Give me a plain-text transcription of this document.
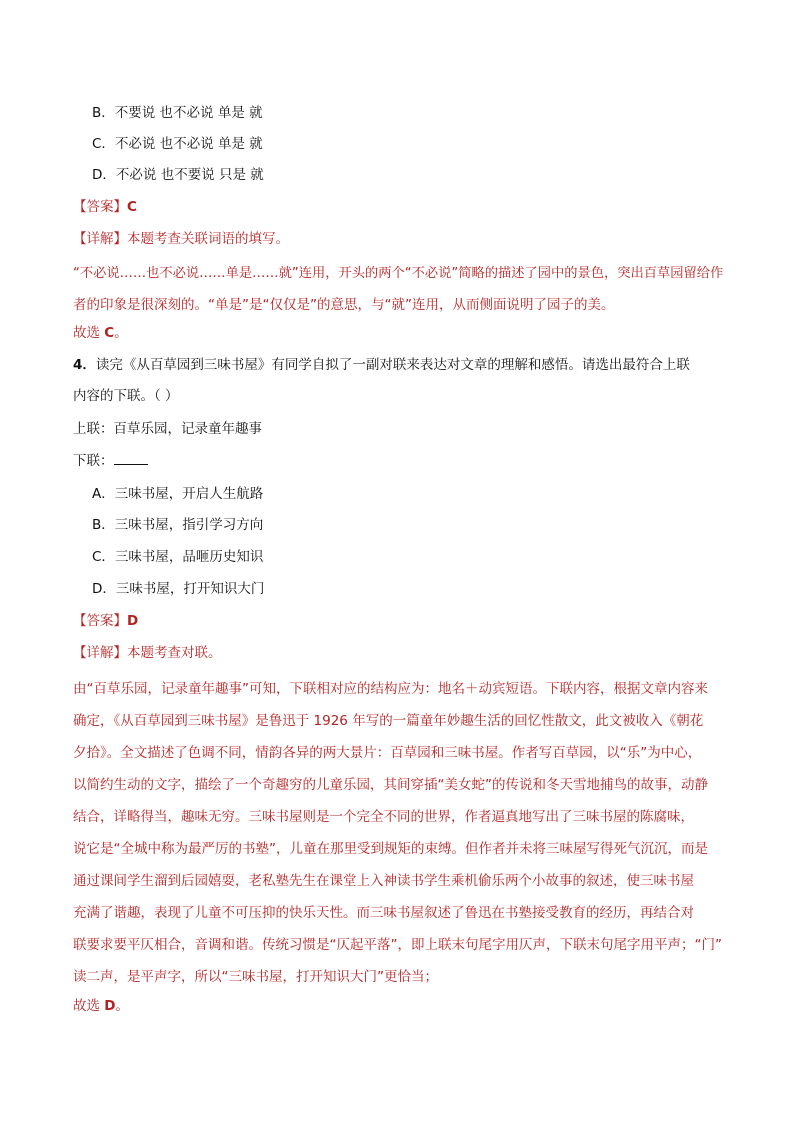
B．不要说 也不必说 单是 就
C．不必说 也不必说 单是 就
D．不必说 也不要说 只是 就
【答案】C
【详解】本题考查关联词语的填写。
“不必说……也不必说……单是……就”连用，开头的两个“不必说”简略的描述了园中的景色，突出百草园留给作
者的印象是很深刻的。“单是”是“仅仅是”的意思，与“就”连用，从而侧面说明了园子的美。
故选 C。
4．读完《从百草园到三味书屋》有同学自拟了一副对联来表达对文章的理解和感悟。请选出最符合上联
内容的下联。（ ）
上联：百草乐园，记录童年趣事
下联：
A．三味书屋，开启人生航路
B．三味书屋，指引学习方向
C．三味书屋，品咂历史知识
D．三味书屋，打开知识大门
【答案】D
【详解】本题考查对联。
由“百草乐园，记录童年趣事”可知，下联相对应的结构应为：地名＋动宾短语。下联内容，根据文章内容来
确定，《从百草园到三味书屋》是鲁迅于 1926 年写的一篇童年妙趣生活的回忆性散文，此文被收入《朝花
夕拾》。全文描述了色调不同，情韵各异的两大景片：百草园和三味书屋。作者写百草园，以“乐”为中心，
以简约生动的文字，描绘了一个奇趣穷的儿童乐园，其间穿插“美女蛇”的传说和冬天雪地捕鸟的故事，动静
结合，详略得当，趣味无穷。三味书屋则是一个完全不同的世界，作者逼真地写出了三味书屋的陈腐味，
说它是“全城中称为最严厉的书塾”，儿童在那里受到规矩的束缚。但作者并未将三味屋写得死气沉沉，而是
通过课间学生溜到后园嬉耍，老私塾先生在课堂上入神读书学生乘机偷乐两个小故事的叙述，使三味书屋
充满了谐趣，表现了儿童不可压抑的快乐天性。而三味书屋叙述了鲁迅在书塾接受教育的经历，再结合对
联要求要平仄相合，音调和谐。传统习惯是“仄起平落”，即上联末句尾字用仄声，下联末句尾字用平声；“门”
读二声，是平声字，所以“三味书屋，打开知识大门”更恰当；
故选 D。
